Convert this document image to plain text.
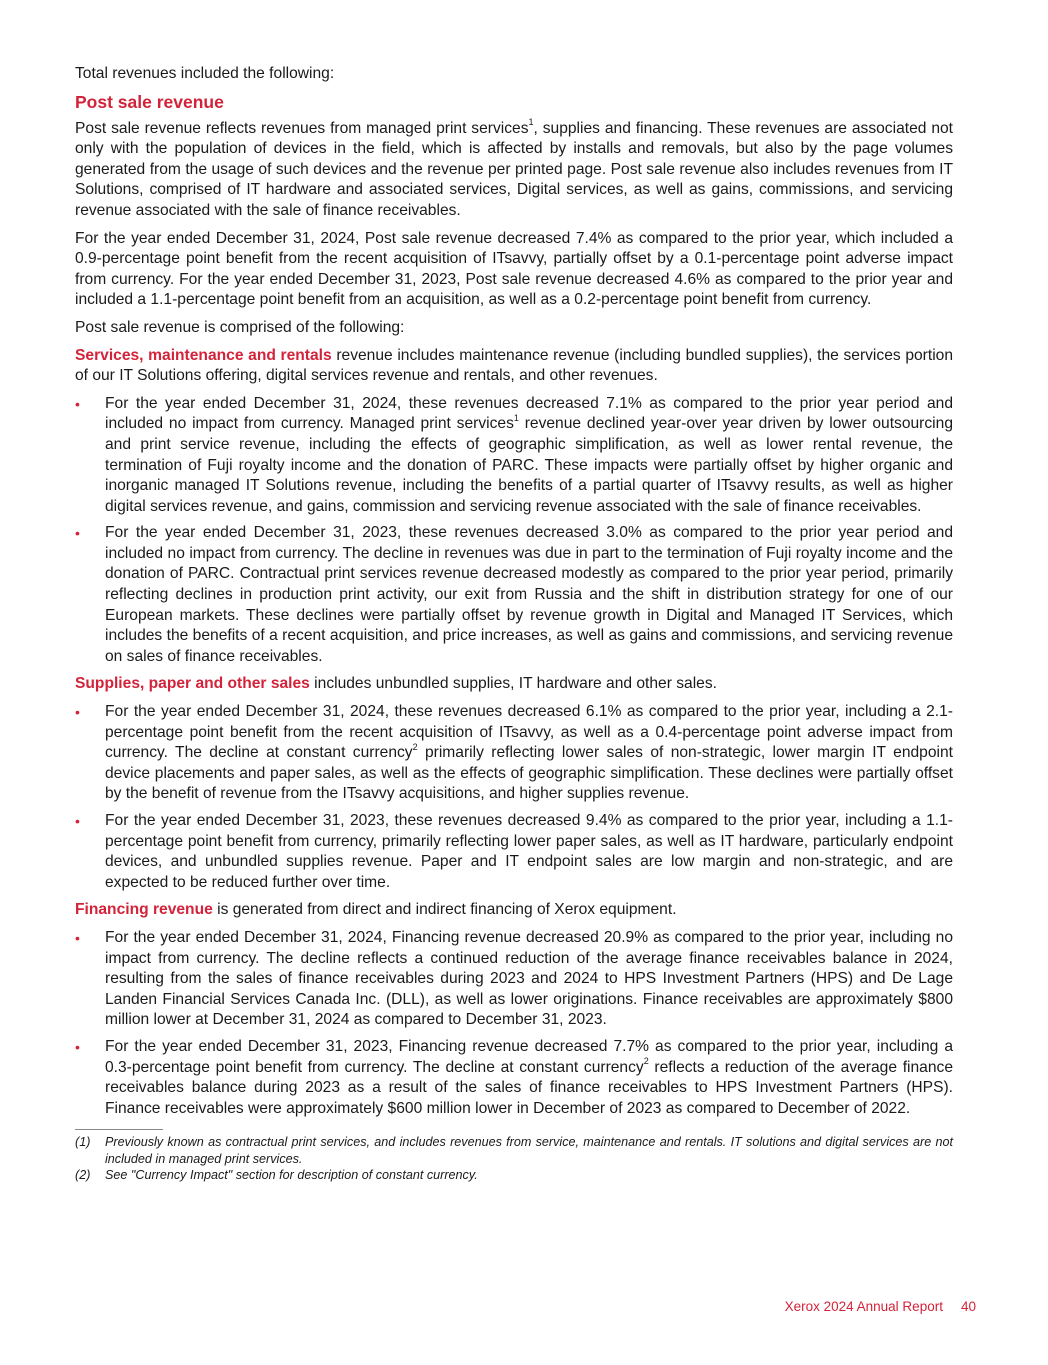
Total revenues included the following:

Post sale revenue

Post sale revenue reflects revenues from managed print services$^1$, supplies and financing. These revenues are associated not only with the population of devices in the field, which is affected by installs and removals, but also by the page volumes generated from the usage of such devices and the revenue per printed page. Post sale revenue also includes revenues from IT Solutions, comprised of IT hardware and associated services, Digital services, as well as gains, commissions, and servicing revenue associated with the sale of finance receivables.

For the year ended December 31, 2024, Post sale revenue decreased 7.4% as compared to the prior year, which included a 0.9-percentage point benefit from the recent acquisition of ITsavvy, partially offset by a 0.1-percentage point adverse impact from currency. For the year ended December 31, 2023, Post sale revenue decreased 4.6% as compared to the prior year and included a 1.1-percentage point benefit from an acquisition, as well as a 0.2-percentage point benefit from currency.

Post sale revenue is comprised of the following:

Services, maintenance and rentals revenue includes maintenance revenue (including bundled supplies), the services portion of our IT Solutions offering, digital services revenue and rentals, and other revenues.

• For the year ended December 31, 2024, these revenues decreased 7.1% as compared to the prior year period and included no impact from currency. Managed print services$^1$ revenue declined year-over year driven by lower outsourcing and print service revenue, including the effects of geographic simplification, as well as lower rental revenue, the termination of Fuji royalty income and the donation of PARC. These impacts were partially offset by higher organic and inorganic managed IT Solutions revenue, including the benefits of a partial quarter of ITsavvy results, as well as higher digital services revenue, and gains, commission and servicing revenue associated with the sale of finance receivables.
• For the year ended December 31, 2023, these revenues decreased 3.0% as compared to the prior year period and included no impact from currency. The decline in revenues was due in part to the termination of Fuji royalty income and the donation of PARC. Contractual print services revenue decreased modestly as compared to the prior year period, primarily reflecting declines in production print activity, our exit from Russia and the shift in distribution strategy for one of our European markets. These declines were partially offset by revenue growth in Digital and Managed IT Services, which includes the benefits of a recent acquisition, and price increases, as well as gains and commissions, and servicing revenue on sales of finance receivables.

Supplies, paper and other sales includes unbundled supplies, IT hardware and other sales.

• For the year ended December 31, 2024, these revenues decreased 6.1% as compared to the prior year, including a 2.1-percentage point benefit from the recent acquisition of ITsavvy, as well as a 0.4-percentage point adverse impact from currency. The decline at constant currency$^2$ primarily reflecting lower sales of non-strategic, lower margin IT endpoint device placements and paper sales, as well as the effects of geographic simplification. These declines were partially offset by the benefit of revenue from the ITsavvy acquisitions, and higher supplies revenue.
• For the year ended December 31, 2023, these revenues decreased 9.4% as compared to the prior year, including a 1.1-percentage point benefit from currency, primarily reflecting lower paper sales, as well as IT hardware, particularly endpoint devices, and unbundled supplies revenue. Paper and IT endpoint sales are low margin and non-strategic, and are expected to be reduced further over time.

Financing revenue is generated from direct and indirect financing of Xerox equipment.

• For the year ended December 31, 2024, Financing revenue decreased 20.9% as compared to the prior year, including no impact from currency. The decline reflects a continued reduction of the average finance receivables balance in 2024, resulting from the sales of finance receivables during 2023 and 2024 to HPS Investment Partners (HPS) and De Lage Landen Financial Services Canada Inc. (DLL), as well as lower originations. Finance receivables are approximately $800 million lower at December 31, 2024 as compared to December 31, 2023.
• For the year ended December 31, 2023, Financing revenue decreased 7.7% as compared to the prior year, including a 0.3-percentage point benefit from currency. The decline at constant currency$^2$ reflects a reduction of the average finance receivables balance during 2023 as a result of the sales of finance receivables to HPS Investment Partners (HPS). Finance receivables were approximately $600 million lower in December of 2023 as compared to December of 2022.
(1) Previously known as contractual print services, and includes revenues from service, maintenance and rentals. IT solutions and digital services are not included in managed print services.
(2) See "Currency Impact" section for description of constant currency.
Xerox 2024 Annual Report 40
